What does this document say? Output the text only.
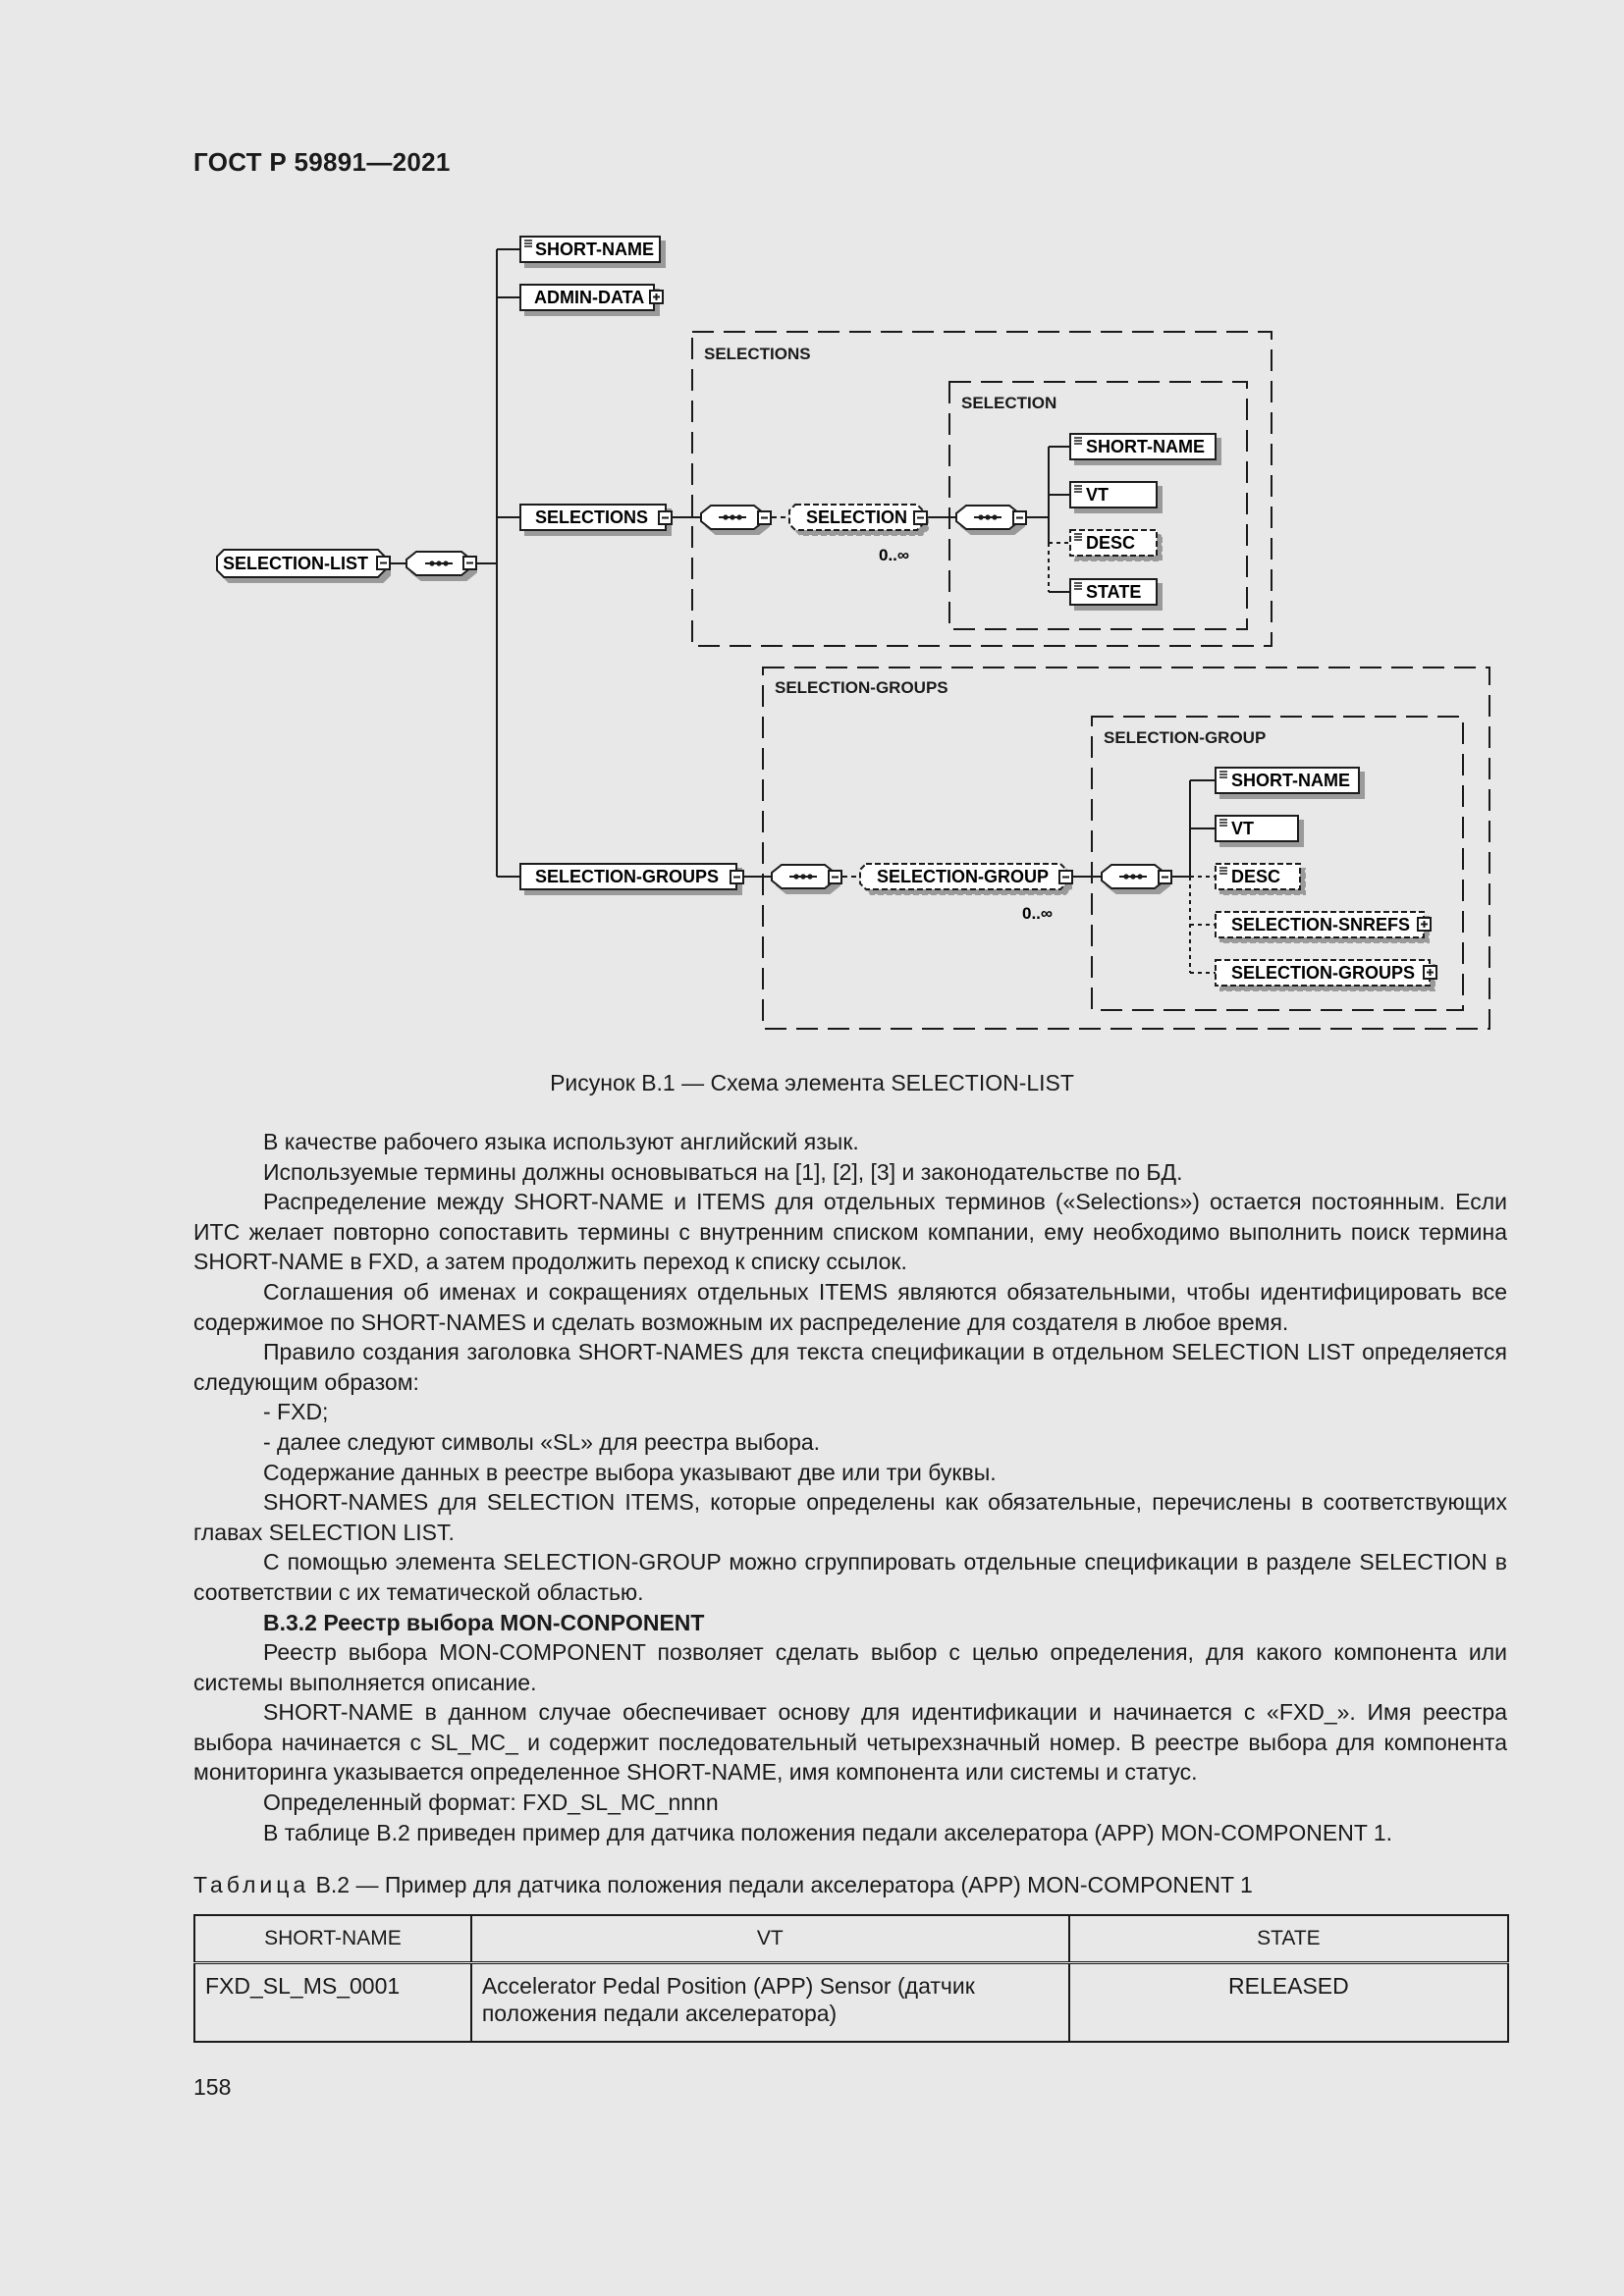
ГОСТ Р 59891—2021
SELECTIONS
SELECTION
SELECTION-GROUPS
SELECTION-GROUP
SELECTION-LIST
SHORT-NAME
ADMIN-DATA
SELECTIONS
SELECTION-GROUPS
SELECTION
0..∞
SHORT-NAME
VT
DESC
STATE
SELECTION-GROUP
0..∞
SHORT-NAME
VT
DESC
SELECTION-SNREFS
SELECTION-GROUPS
Рисунок В.1 — Схема элемента SELECTION-LIST

В качестве рабочего языка используют английский язык.

Используемые термины должны основываться на [1], [2], [3] и законодательстве по БД.

Распределение между SHORT-NAME и ITEMS для отдельных терминов («Selections») остается постоянным. Если ИТС желает повторно сопоставить термины с внутренним списком компании, ему необходимо выполнить поиск термина SHORT-NAME в FXD, а затем продолжить переход к списку ссылок.

Соглашения об именах и сокращениях отдельных ITEMS являются обязательными, чтобы идентифицировать все содержимое по SHORT-NAMES и сделать возможным их распределение для создателя в любое время.

Правило создания заголовка SHORT-NAMES для текста спецификации в отдельном SELECTION LIST определяется следующим образом:

- FXD;

- далее следуют символы «SL» для реестра выбора.

Содержание данных в реестре выбора указывают две или три буквы.

SHORT-NAMES для SELECTION ITEMS, которые определены как обязательные, перечислены в соответствующих главах SELECTION LIST.

С помощью элемента SELECTION-GROUP можно сгруппировать отдельные спецификации в разделе SELECTION в соответствии с их тематической областью.

В.3.2 Реестр выбора MON-CONPONENT

Реестр выбора MON-COMPONENT позволяет сделать выбор с целью определения, для какого компонента или системы выполняется описание.

SHORT-NAME в данном случае обеспечивает основу для идентификации и начинается с «FXD_». Имя реестра выбора начинается с SL_MC_ и содержит последовательный четырехзначный номер. В реестре выбора для компонента мониторинга указывается определенное SHORT-NAME, имя компонента или системы и статус.

Определенный формат: FXD_SL_MC_nnnn

В таблице В.2 приведен пример для датчика положения педали акселератора (APP) MON-COMPONENT 1.

Таблица В.2 — Пример для датчика положения педали акселератора (APP) MON-COMPONENT 1
SHORT-NAME	VT	STATE
FXD_SL_MS_0001	Accelerator Pedal Position (APP) Sensor (датчик положения педали акселератора)	RELEASED
158
